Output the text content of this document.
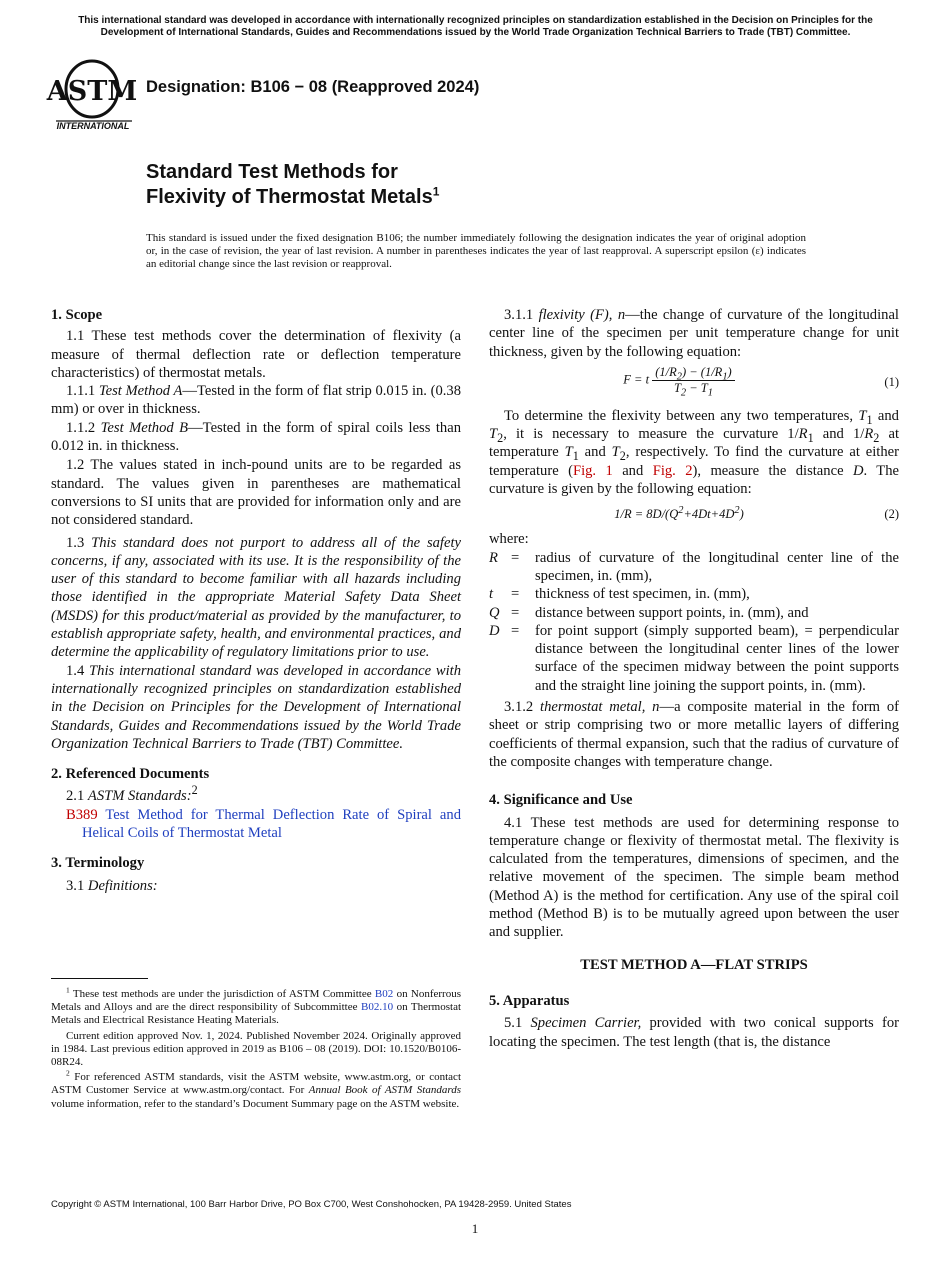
This international standard was developed in accordance with internationally recognized principles on standardization established in the Decision on Principles for the Development of International Standards, Guides and Recommendations issued by the World Trade Organization Technical Barriers to Trade (TBT) Committee.
ASTM
INTERNATIONAL
Designation: B106 − 08 (Reapproved 2024)
Standard Test Methods for
Flexivity of Thermostat Metals$^1$
This standard is issued under the fixed designation B106; the number immediately following the designation indicates the year of original adoption or, in the case of revision, the year of last revision. A number in parentheses indicates the year of last reapproval. A superscript epsilon (ε) indicates an editorial change since the last revision or reapproval.
1. Scope

1.1 These test methods cover the determination of flexivity (a measure of thermal deflection rate or deflection temperature characteristics) of thermostat metals.

1.1.1 Test Method A—Tested in the form of flat strip 0.015 in. (0.38 mm) or over in thickness.

1.1.2 Test Method B—Tested in the form of spiral coils less than 0.012 in. in thickness.

1.2 The values stated in inch-pound units are to be regarded as standard. The values given in parentheses are mathematical conversions to SI units that are provided for information only and are not considered standard.

1.3 This standard does not purport to address all of the safety concerns, if any, associated with its use. It is the responsibility of the user of this standard to become familiar with all hazards including those identified in the appropriate Material Safety Data Sheet (MSDS) for this product/material as provided by the manufacturer, to establish appropriate safety, health, and environmental practices, and determine the applicability of regulatory limitations prior to use.

1.4 This international standard was developed in accordance with internationally recognized principles on standardization established in the Decision on Principles for the Development of International Standards, Guides and Recommendations issued by the World Trade Organization Technical Barriers to Trade (TBT) Committee.

2. Referenced Documents

2.1 ASTM Standards:$^2$

B389 Test Method for Thermal Deflection Rate of Spiral and Helical Coils of Thermostat Metal

3. Terminology

3.1 Definitions:

3.1.1 flexivity (F), n—the change of curvature of the longitudinal center line of the specimen per unit temperature change for unit thickness, given by the following equation:

F = t $\frac{(1/R_2) - (1/R_1)}{T_2 - T_1}$	(1)

To determine the flexivity between any two temperatures, $T_1$ and $T_2$, it is necessary to measure the curvature $1/R_1$ and $1/R_2$ at temperature $T_1$ and $T_2$, respectively. To find the curvature at either temperature (Fig. 1 and Fig. 2), measure the distance D. The curvature is given by the following equation:

$1/R = 8D/(Q^2+4Dt+4D^2)$	(2)
where:
R =	radius of curvature of the longitudinal center line of the specimen, in. (mm),
t	=	thickness of test specimen, in. (mm),
Q =	distance between support points, in. (mm), and
D =	for point support (simply supported beam), = perpendicular distance between the longitudinal center lines of the lower surface of the specimen midway between the point supports and the straight line joining the support points, in. (mm).

3.1.2 thermostat metal, n—a composite material in the form of sheet or strip comprising two or more metallic layers of differing coefficients of thermal expansion, such that the radius of curvature of the composite changes with temperature change.

4. Significance and Use

4.1 These test methods are used for determining response to temperature change or flexivity of thermostat metal. The flexivity is calculated from the temperatures, dimensions of specimen, and the relative movement of the specimen. The simple beam method (Method A) is the method for certification. Any use of the spiral coil method (Method B) is to be mutually agreed upon between the user and supplier.

TEST METHOD A—FLAT STRIPS

5. Apparatus

5.1 Specimen Carrier, provided with two conical supports for locating the specimen. The test length (that is, the distance

$^1$ These test methods are under the jurisdiction of ASTM Committee B02 on Nonferrous Metals and Alloys and are the direct responsibility of Subcommittee B02.10 on Thermostat Metals and Electrical Resistance Heating Materials.

Current edition approved Nov. 1, 2024. Published November 2024. Originally approved in 1984. Last previous edition approved in 2019 as B106 – 08 (2019). DOI: 10.1520/B0106-08R24.

$^2$ For referenced ASTM standards, visit the ASTM website, www.astm.org, or contact ASTM Customer Service at www.astm.org/contact. For Annual Book of ASTM Standards volume information, refer to the standard’s Document Summary page on the ASTM website.

Copyright © ASTM International, 100 Barr Harbor Drive, PO Box C700, West Conshohocken, PA 19428-2959. United States
1
